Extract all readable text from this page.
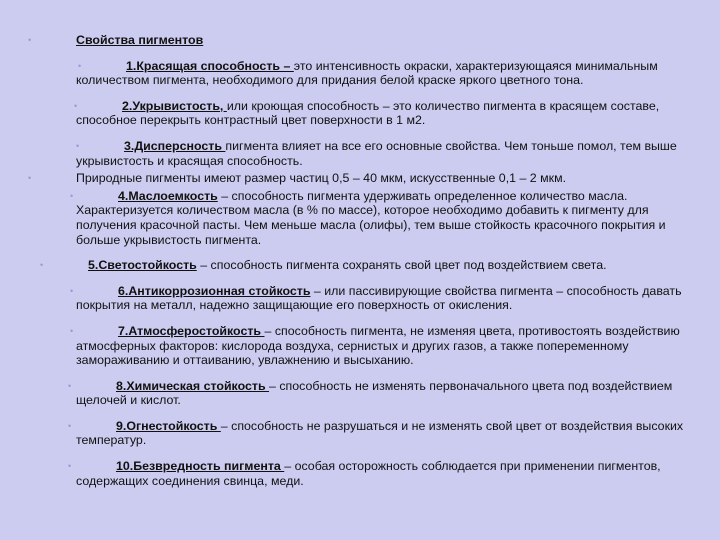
•	Свойства пигментов
•	1.Красящая способность – это интенсивность окраски, характеризующаяся минимальным количеством пигмента, необходимого для придания белой краске яркого цветного тона.
•	2.Укрывистость, или кроющая способность – это количество пигмента в красящем составе, способное перекрыть контрастный цвет поверхности в 1 м2.
•	3.Дисперсность пигмента влияет на все его основные свойства. Чем тоньше помол, тем выше укрывистость и красящая способность.
•	Природные пигменты имеют размер частиц 0,5 – 40 мкм, искусственные 0,1 – 2 мкм.
•	4.Маслоемкость – способность пигмента удерживать определенное количество масла. Характеризуется количеством масла (в % по массе), которое необходимо добавить к пигменту для получения красочной пасты. Чем меньше масла (олифы), тем выше стойкость красочного покрытия и больше укрывистость пигмента.
•	5.Светостойкость – способность пигмента сохранять свой цвет под воздействием света.
•	6.Антикоррозионная стойкость – или пассивирующие свойства пигмента – способность давать покрытия на металл, надежно защищающие его поверхность от окисления.
•	7.Атмосферостойкость – способность пигмента, не изменяя цвета, противостоять воздействию атмосферных факторов: кислорода воздуха, сернистых и других газов, а также попеременному замораживанию и оттаиванию, увлажнению и высыханию.
•	8.Химическая стойкость – способность не изменять первоначального цвета под воздействием щелочей и кислот.
•	9.Огнестойкость – способность не разрушаться и не изменять свой цвет от воздействия высоких температур.
•	10.Безвредность пигмента – особая осторожность соблюдается при применении пигментов, содержащих соединения свинца, меди.
